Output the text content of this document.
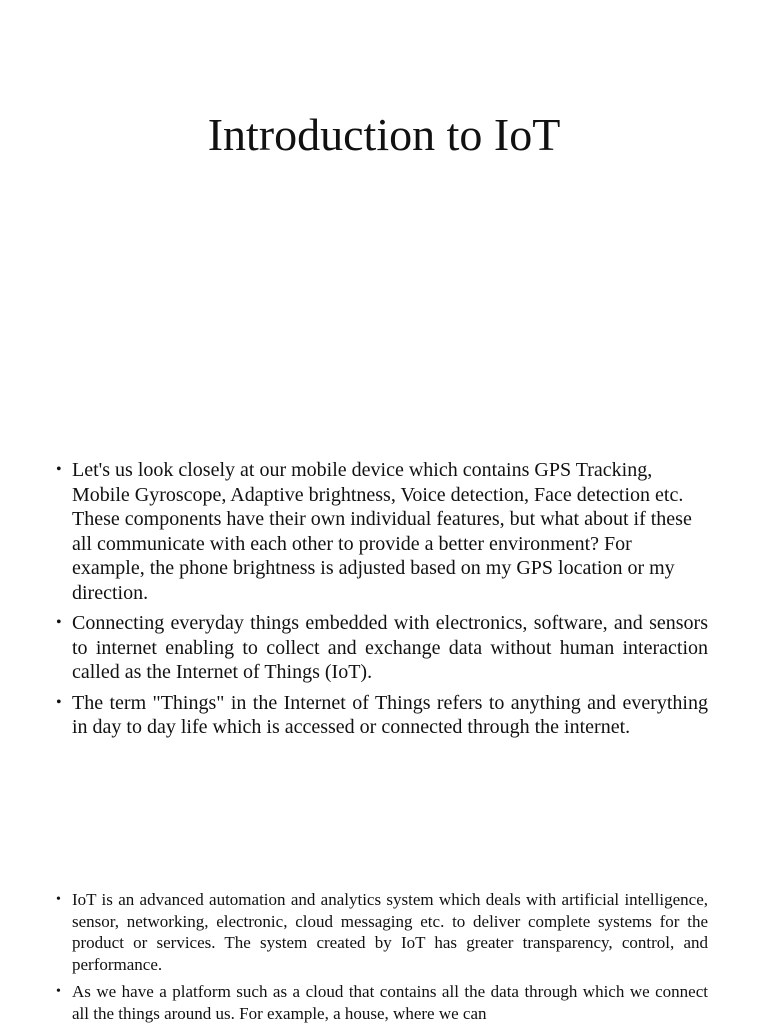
Introduction to IoT
• Let's us look closely at our mobile device which contains GPS Tracking, Mobile Gyroscope, Adaptive brightness, Voice detection, Face detection etc. These components have their own individual features, but what about if these all communicate with each other to provide a better environment? For example, the phone brightness is adjusted based on my GPS location or my direction.
• Connecting everyday things embedded with electronics, software, and sensors to internet enabling to collect and exchange data without human interaction called as the Internet of Things (IoT).
• The term "Things" in the Internet of Things refers to anything and everything in day to day life which is accessed or connected through the internet.
• IoT is an advanced automation and analytics system which deals with artificial intelligence, sensor, networking, electronic, cloud messaging etc. to deliver complete systems for the product or services. The system created by IoT has greater transparency, control, and performance.
• As we have a platform such as a cloud that contains all the data through which we connect all the things around us. For example, a house, where we can
